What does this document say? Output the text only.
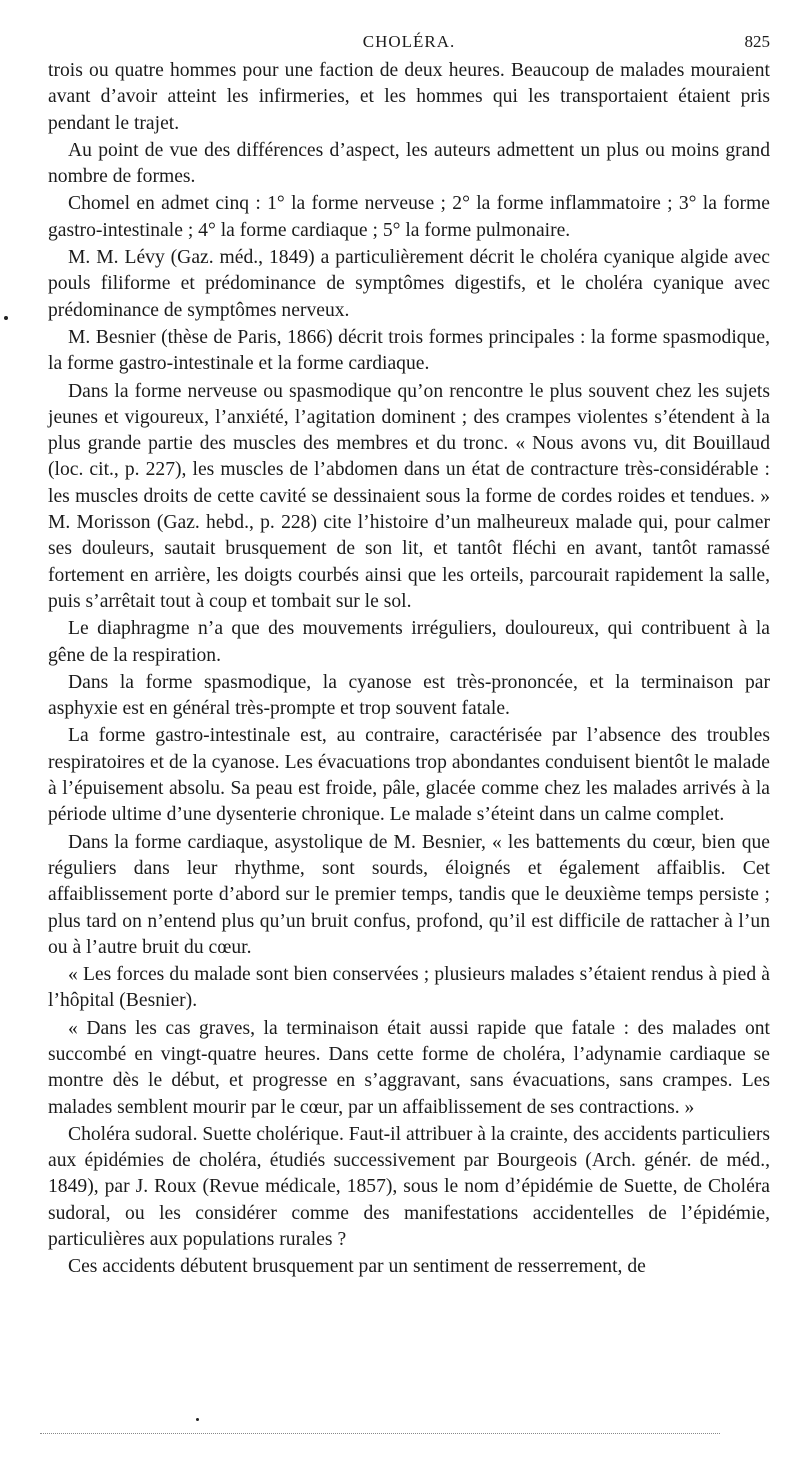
CHOLÉRA.	825

trois ou quatre hommes pour une faction de deux heures. Beaucoup de malades mouraient avant d’avoir atteint les infirmeries, et les hommes qui les transportaient étaient pris pendant le trajet.

Au point de vue des différences d’aspect, les auteurs admettent un plus ou moins grand nombre de formes.

Chomel en admet cinq : 1° la forme nerveuse ; 2° la forme inflammatoire ; 3° la forme gastro-intestinale ; 4° la forme cardiaque ; 5° la forme pulmonaire.

M. M. Lévy (Gaz. méd., 1849) a particulièrement décrit le choléra cyanique algide avec pouls filiforme et prédominance de symptômes digestifs, et le choléra cyanique avec prédominance de symptômes nerveux.

M. Besnier (thèse de Paris, 1866) décrit trois formes principales : la forme spasmodique, la forme gastro-intestinale et la forme cardiaque.

Dans la forme nerveuse ou spasmodique qu’on rencontre le plus souvent chez les sujets jeunes et vigoureux, l’anxiété, l’agitation dominent ; des crampes violentes s’étendent à la plus grande partie des muscles des membres et du tronc. « Nous avons vu, dit Bouillaud (loc. cit., p. 227), les muscles de l’abdomen dans un état de contracture très-considérable : les muscles droits de cette cavité se dessinaient sous la forme de cordes roides et tendues. » M. Morisson (Gaz. hebd., p. 228) cite l’histoire d’un malheureux malade qui, pour calmer ses douleurs, sautait brusquement de son lit, et tantôt fléchi en avant, tantôt ramassé fortement en arrière, les doigts courbés ainsi que les orteils, parcourait rapidement la salle, puis s’arrêtait tout à coup et tombait sur le sol.

Le diaphragme n’a que des mouvements irréguliers, douloureux, qui contribuent à la gêne de la respiration.

Dans la forme spasmodique, la cyanose est très-prononcée, et la terminaison par asphyxie est en général très-prompte et trop souvent fatale.

La forme gastro-intestinale est, au contraire, caractérisée par l’absence des troubles respiratoires et de la cyanose. Les évacuations trop abondantes conduisent bientôt le malade à l’épuisement absolu. Sa peau est froide, pâle, glacée comme chez les malades arrivés à la période ultime d’une dysenterie chronique. Le malade s’éteint dans un calme complet.

Dans la forme cardiaque, asystolique de M. Besnier, « les battements du cœur, bien que réguliers dans leur rhythme, sont sourds, éloignés et également affaiblis. Cet affaiblissement porte d’abord sur le premier temps, tandis que le deuxième temps persiste ; plus tard on n’entend plus qu’un bruit confus, profond, qu’il est difficile de rattacher à l’un ou à l’autre bruit du cœur.

« Les forces du malade sont bien conservées ; plusieurs malades s’étaient rendus à pied à l’hôpital (Besnier).

« Dans les cas graves, la terminaison était aussi rapide que fatale : des malades ont succombé en vingt-quatre heures. Dans cette forme de choléra, l’adynamie cardiaque se montre dès le début, et progresse en s’aggravant, sans évacuations, sans crampes. Les malades semblent mourir par le cœur, par un affaiblissement de ses contractions. »

Choléra sudoral. Suette cholérique. Faut-il attribuer à la crainte, des accidents particuliers aux épidémies de choléra, étudiés successivement par Bourgeois (Arch. génér. de méd., 1849), par J. Roux (Revue médicale, 1857), sous le nom d’épidémie de Suette, de Choléra sudoral, ou les considérer comme des manifestations accidentelles de l’épidémie, particulières aux populations rurales ?

Ces accidents débutent brusquement par un sentiment de resserrement, de
